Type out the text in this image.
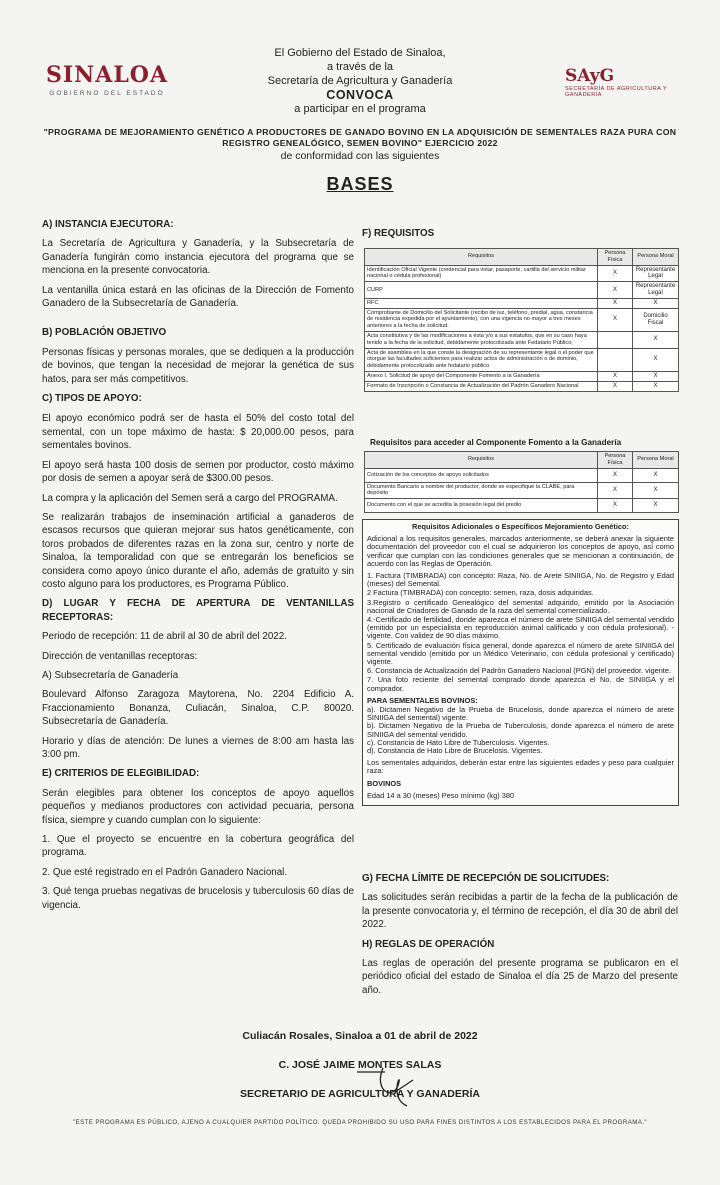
SINALOA
GOBIERNO DEL ESTADO
El Gobierno del Estado de Sinaloa,
a través de la
Secretaría de Agricultura y Ganadería
CONVOCA
a participar en el programa
SAyG
SECRETARÍA DE AGRICULTURA Y GANADERÍA
"PROGRAMA DE MEJORAMIENTO GENÉTICO A PRODUCTORES DE GANADO BOVINO EN LA ADQUISICIÓN DE SEMENTALES RAZA PURA CON REGISTRO GENEALÓGICO, SEMEN BOVINO" EJERCICIO 2022
de conformidad con las siguientes
BASES
A) INSTANCIA EJECUTORA:
La Secretaría de Agricultura y Ganadería, y la Subsecretaría de Ganadería fungirán como instancia ejecutora del programa que se menciona en la presente convocatoria.
La ventanilla única estará en las oficinas de la Dirección de Fomento Ganadero de la Subsecretaría de Ganadería.
B) POBLACIÓN OBJETIVO
Personas físicas y personas morales, que se dediquen a la producción de bovinos, que tengan la necesidad de mejorar la genética de sus hatos, para ser más competitivos.
C) TIPOS DE APOYO:
El apoyo económico podrá ser de hasta el 50% del costo total del semental, con un tope máximo de hasta: $ 20,000.00 pesos, para sementales bovinos.
El apoyo será hasta 100 dosis de semen por productor, costo máximo por dosis de semen a apoyar será de $300.00 pesos.
La compra y la aplicación del Semen será a cargo del PROGRAMA.
Se realizarán trabajos de inseminación artificial a ganaderos de escasos recursos que quieran mejorar sus hatos genéticamente, con toros probados de diferentes razas en la zona sur, centro y norte de Sinaloa, la temporalidad con que se entregarán los beneficios se considera como apoyo único durante el año, además de gratuito y sin costo alguno para los productores, es Programa Público.
D) LUGAR Y FECHA DE APERTURA DE VENTANILLAS RECEPTORAS:
Periodo de recepción: 11 de abril al 30 de abril del 2022.
Dirección de ventanillas receptoras:
A) Subsecretaría de Ganadería
Boulevard Alfonso Zaragoza Maytorena, No. 2204 Edificio A. Fraccionamiento Bonanza, Culiacán, Sinaloa, C.P. 80020. Subsecretaría de Ganadería.
Horario y días de atención: De lunes a viernes de 8:00 am hasta las 3:00 pm.
E) CRITERIOS DE ELEGIBILIDAD:
Serán elegibles para obtener los conceptos de apoyo aquellos pequeños y medianos productores con actividad pecuaria, persona física, siempre y cuando cumplan con lo siguiente:
1. Que el proyecto se encuentre en la cobertura geográfica del programa.
2. Que esté registrado en el Padrón Ganadero Nacional.
3. Qué tenga pruebas negativas de brucelosis y tuberculosis 60 días de vigencia.
F) REQUISITOS
Requisitos	Persona Física	Persona Moral
Identificación Oficial Vigente (credencial para votar, pasaporte, cartilla del servicio militar nacional o cédula profesional)	X	Representante Legal
CURP	X	Representante Legal
RFC	X	X
Comprobante de Domicilio del Solicitante (recibo de luz, teléfono, predial, agua, constancia de residencia expedida por el ayuntamiento), con una vigencia no mayor a tres meses anteriores a la fecha de solicitud.	X	Domicilio Fiscal
Acta constitutiva y de las modificaciones a ésta y/o a sus estatutos, que en su caso haya tenido a la fecha de la solicitud, debidamente protocolizada ante Fedatario Público;		X
Acta de asamblea en la que conste la designación de su representante legal o el poder que otorgue las facultades suficientes para realizar actos de administración o de dominio, debidamente protocolizado ante fedatario público		X
Anexo I, Solicitud de apoyo del Componente Fomento a la Ganadería	X	X
Formato de Inscripción o Constancia de Actualización del Padrón Ganadero Nacional	X	X
Requisitos para acceder al Componente Fomento a la Ganadería
Requisitos	Persona Física	Persona Moral
Cotización de los conceptos de apoyo solicitados	X	X
Documento Bancario a nombre del productor, donde se especifique la CLABE, para depósito	X	X
Documento con el que se acredita la posesión legal del predio	X	X

Requisitos Adicionales o Específicos Mejoramiento Genético:

Adicional a los requisitos generales, marcados anteriormente, se deberá anexar la siguiente documentación del proveedor con el cual se adquirieron los conceptos de apoyo, así como verificar que cumplan con las condiciones generales que se mencionan a continuación, de acuerdo con las Reglas de Operación.

1. Factura (TIMBRADA) con concepto: Raza, No. de Arete SINIIGA, No. de Registro y Edad (meses) del Semental.

2 Factura (TIMBRADA) con concepto: semen, raza, dosis adquiridas.

3.Registro o certificado Genealógico del semental adquirido, emitido por la Asociación nacional de Criadores de Ganado de la raza del semental comercializado.

4.-Certificado de fertilidad, donde aparezca el número de arete SINIIGA del semental vendido (emitido por un especialista en reproducción animal calificado y con cédula profesional). - vigente. Con validez de 90 días máximo.

5. Certificado de evaluación física general, donde aparezca el número de arete SINIIGA del semental vendido (emitido por un Médico Veterinario, con cédula profesional y certificado) vigente.

6. Constancia de Actualización del Padrón Ganadero Nacional (PGN) del proveedor. vigente.

7. Una foto reciente del semental comprado donde aparezca el No. de SINIIGA y el comprador.

PARA SEMENTALES BOVINOS:

a). Dictamen Negativo de la Prueba de Brucelosis, donde aparezca el número de arete SINIIGA del semental) vigente.

b). Dictamen Negativo de la Prueba de Tuberculosis, donde aparezca el número de arete SINIIGA del semental vendido.

c). Constancia de Hato Libre de Tuberculosis. Vigentes.

d). Constancia de Hato Libre de Brucelosis. Vigentes.

Los sementales adquiridos, deberán estar entre las siguientes edades y peso para cualquier raza:

BOVINOS

Edad 14 a 30 (meses) Peso mínimo (kg) 380

G) FECHA LÍMITE DE RECEPCIÓN DE SOLICITUDES:
Las solicitudes serán recibidas a partir de la fecha de la publicación de la presente convocatoria y, el término de recepción, el día 30 de abril del 2022.
H) REGLAS DE OPERACIÓN
Las reglas de operación del presente programa se publicaron en el periódico oficial del estado de Sinaloa el día 25 de Marzo del presente año.
Culiacán Rosales, Sinaloa a 01 de abril de 2022
C. JOSÉ JAIME MONTES SALAS
SECRETARIO DE AGRICULTURA Y GANADERÍA
"ESTE PROGRAMA ES PÚBLICO, AJENO A CUALQUIER PARTIDO POLÍTICO. QUEDA PROHIBIDO SU USO PARA FINES DISTINTOS A LOS ESTABLECIDOS PARA EL PROGRAMA."
